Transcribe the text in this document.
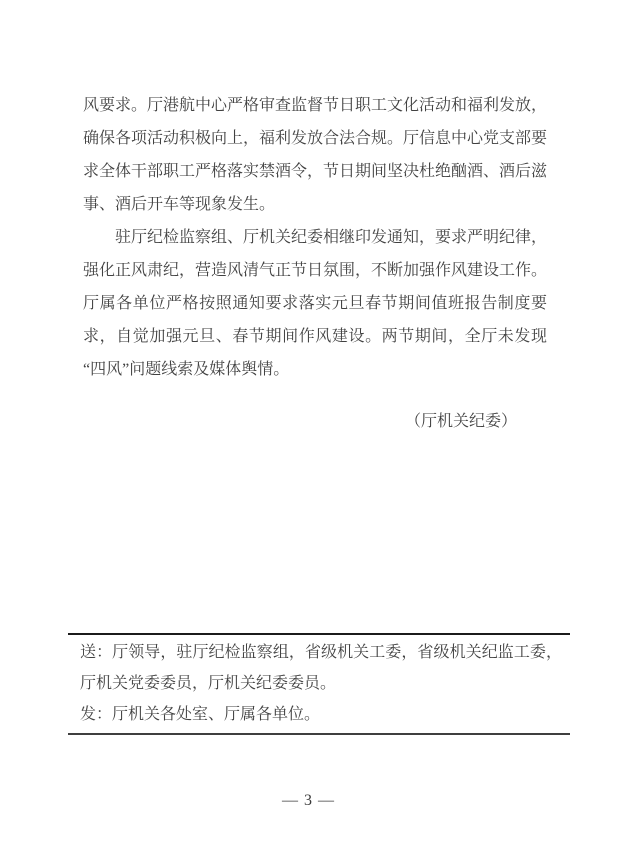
风要求。厅港航中心严格审查监督节日职工文化活动和福利发放，确保各项活动积极向上，福利发放合法合规。厅信息中心党支部要求全体干部职工严格落实禁酒令，节日期间坚决杜绝酗酒、酒后滋事、酒后开车等现象发生。

驻厅纪检监察组、厅机关纪委相继印发通知，要求严明纪律，强化正风肃纪，营造风清气正节日氛围，不断加强作风建设工作。厅属各单位严格按照通知要求落实元旦春节期间值班报告制度要求，自觉加强元旦、春节期间作风建设。两节期间，全厅未发现“四风”问题线索及媒体舆情。

（厅机关纪委）

送：厅领导，驻厅纪检监察组，省级机关工委，省级机关纪监工委，厅机关党委委员，厅机关纪委委员。

发：厅机关各处室、厅属各单位。

— 3 —
